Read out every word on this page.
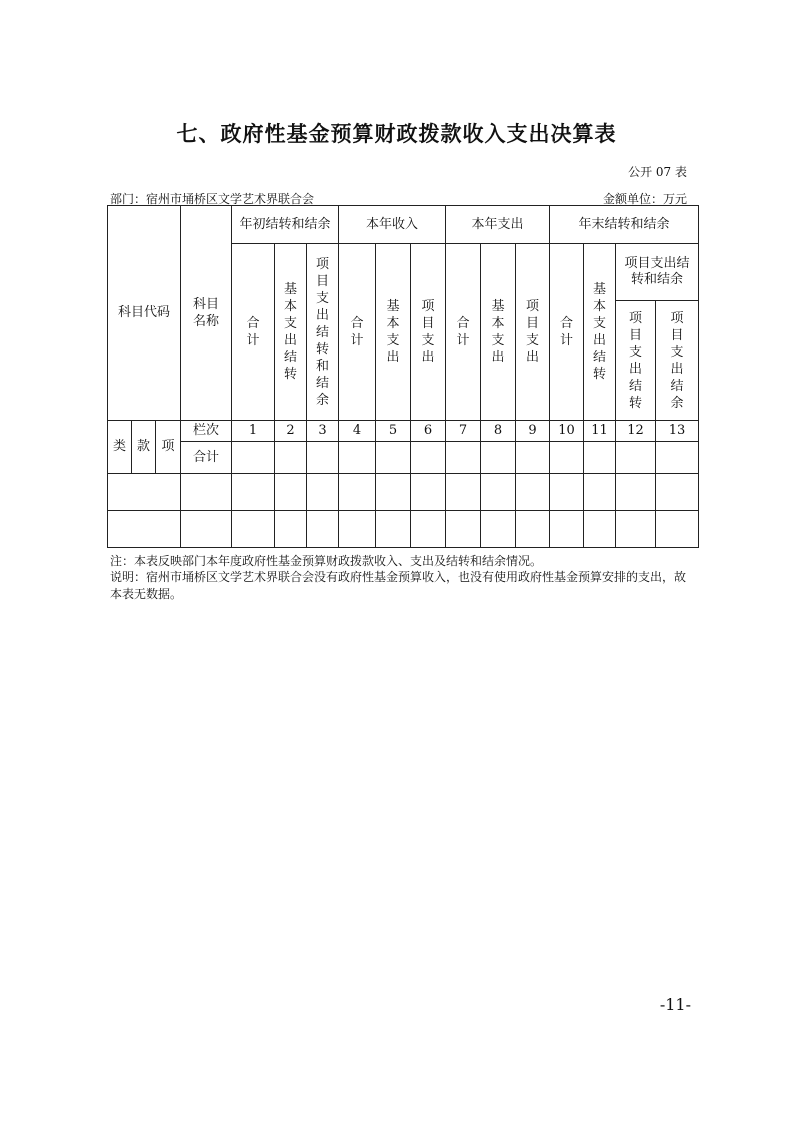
七、政府性基金预算财政拨款收入支出决算表
公开 07 表
部门：宿州市埇桥区文学艺术界联合会	金额单位：万元
科目代码			科目名称	年初结转和结余			本年收入			本年支出			年末结转和结余			
				合计	基本支出结转	项目支出结转和结余	合计	基本支出	项目支出	合计	基本支出	项目支出	合计	基本支出结转	项目支出结转和结余	
															项目支出结转	项目支出结余
类	款	项	栏次	1	2	3	4	5	6	7	8	9	10	11	12	13
			合计													

注：本表反映部门本年度政府性基金预算财政拨款收入、支出及结转和结余情况。
说明：宿州市埇桥区文学艺术界联合会没有政府性基金预算收入，也没有使用政府性基金预算安排的支出，故本表无数据。
-11-
